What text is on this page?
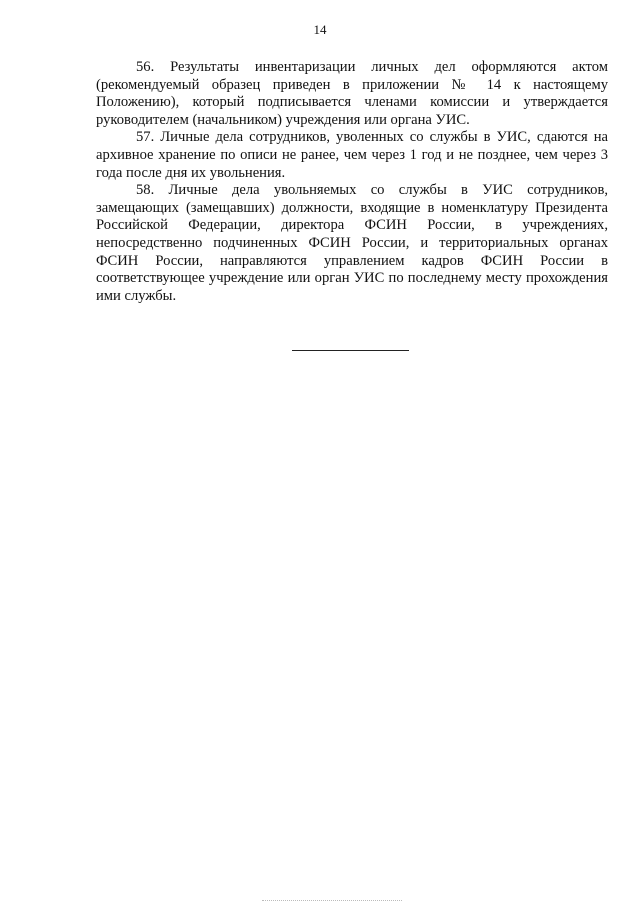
14

56. Результаты инвентаризации личных дел оформляются актом (рекомендуемый образец приведен в приложении № 14 к настоящему Положению), который подписывается членами комиссии и утверждается руководителем (начальником) учреждения или органа УИС.

57. Личные дела сотрудников, уволенных со службы в УИС, сдаются на архивное хранение по описи не ранее, чем через 1 год и не позднее, чем через 3 года после дня их увольнения.

58. Личные дела увольняемых со службы в УИС сотрудников, замещающих (замещавших) должности, входящие в номенклатуру Президента Российской Федерации, директора ФСИН России, в учреждениях, непосредственно подчиненных ФСИН России, и территориальных органах ФСИН России, направляются управлением кадров ФСИН России в соответствующее учреждение или орган УИС по последнему месту прохождения ими службы.
